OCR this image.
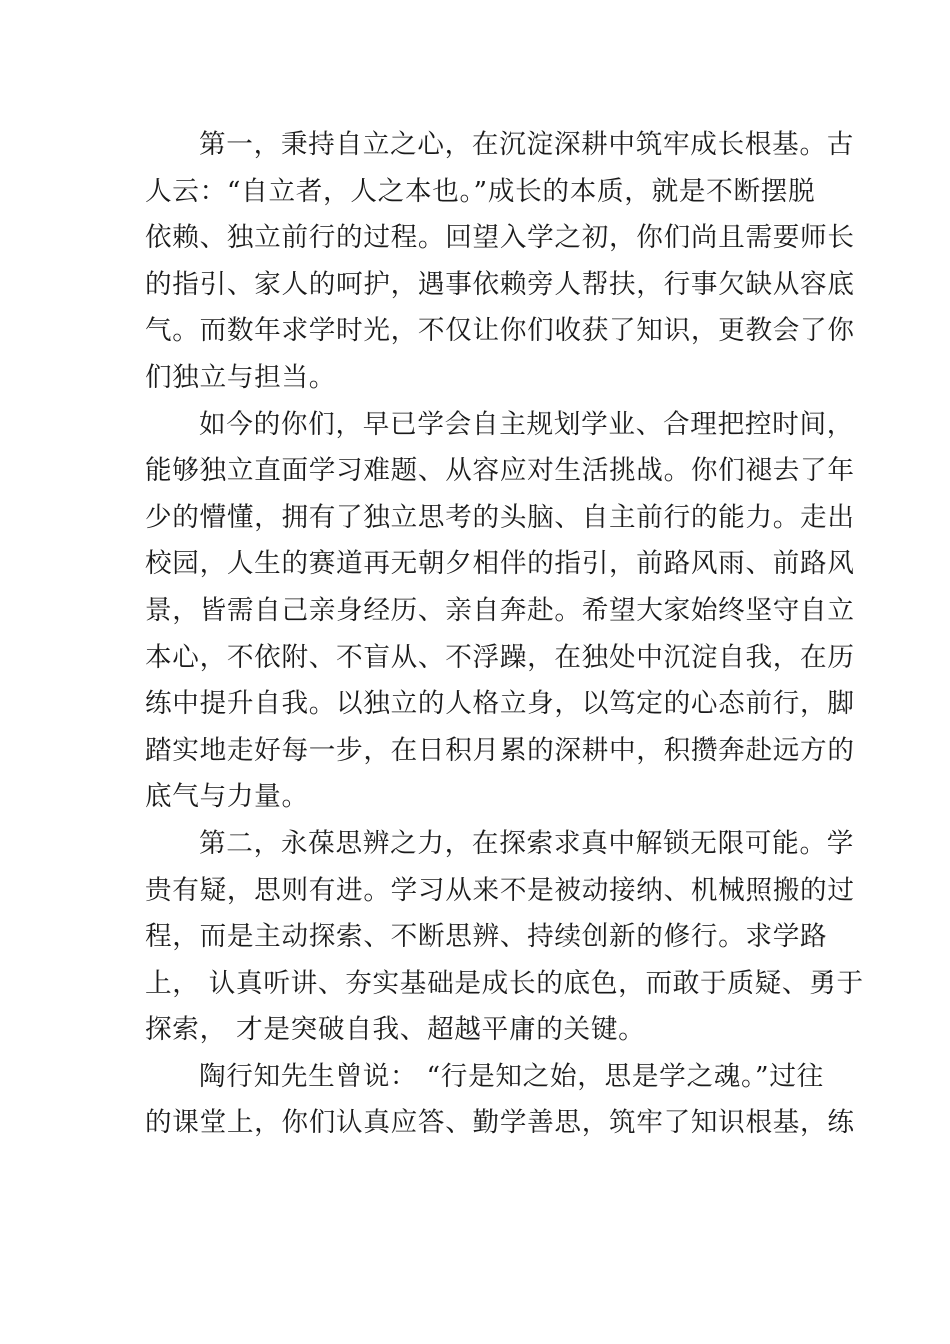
第一，秉持自立之心，在沉淀深耕中筑牢成长根基。古
人云：“自立者，人之本也。”成长的本质，就是不断摆脱
依赖、独立前行的过程。回望入学之初，你们尚且需要师长
的指引、家人的呵护，遇事依赖旁人帮扶，行事欠缺从容底
气。而数年求学时光，不仅让你们收获了知识，更教会了你
们独立与担当。
如今的你们，早已学会自主规划学业、合理把控时间，
能够独立直面学习难题、从容应对生活挑战。你们褪去了年
少的懵懂，拥有了独立思考的头脑、自主前行的能力。走出
校园，人生的赛道再无朝夕相伴的指引，前路风雨、前路风
景，皆需自己亲身经历、亲自奔赴。希望大家始终坚守自立
本心，不依附、不盲从、不浮躁，在独处中沉淀自我，在历
练中提升自我。以独立的人格立身，以笃定的心态前行，脚
踏实地走好每一步，在日积月累的深耕中，积攒奔赴远方的
底气与力量。
第二，永葆思辨之力，在探索求真中解锁无限可能。学
贵有疑，思则有进。学习从来不是被动接纳、机械照搬的过
程，而是主动探索、不断思辨、持续创新的修行。求学路
上， 认真听讲、夯实基础是成长的底色，而敢于质疑、勇于
探索， 才是突破自我、超越平庸的关键。
陶行知先生曾说： “行是知之始，思是学之魂。”过往
的课堂上，你们认真应答、勤学善思，筑牢了知识根基，练
